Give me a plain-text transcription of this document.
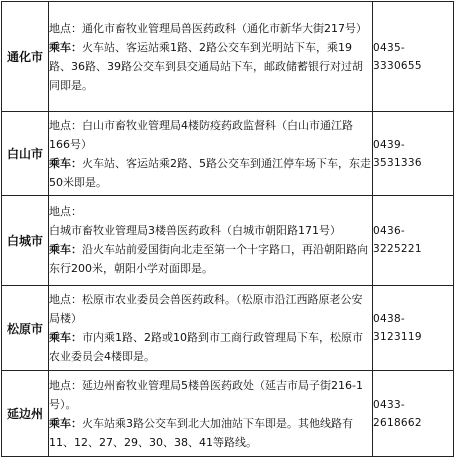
通化市	地点：通化市畜牧业管理局兽医药政科（通化市新华大街217号）
乘车：火车站、客运站乘1路、2路公交车到光明站下车，乘19路、36路、39路公交车到县交通局站下车，邮政储蓄银行对过胡同即是。	0435-
3330655

白山市	地点：白山市畜牧业管理局4楼防疫药政监督科（白山市通江路166号）
乘车：火车站、客运站乘2路、5路公交车到通江停车场下车，东走50米即是。	0439-
3531336

白城市	地点：白城市畜牧业管理局3楼兽医药政科（白城市朝阳路171号）
乘车：沿火车站前爱国街向北走至第一个十字路口，再沿朝阳路向东行200米，朝阳小学对面即是。	0436-
3225221

松原市	地点：松原市农业委员会兽医药政科。（松原市沿江西路原老公安局楼）
乘车：市内乘1路、2路或10路到市工商行政管理局下车，松原市农业委员会4楼即是。	0438-
3123119

延边州	地点：延边州畜牧业管理局5楼兽医药政处（延吉市局子街216-1号）。
乘车：火车站乘3路公交车到北大加油站下车即是。其他线路有11、12、27、29、30、38、41等路线。	0433-
2618662
